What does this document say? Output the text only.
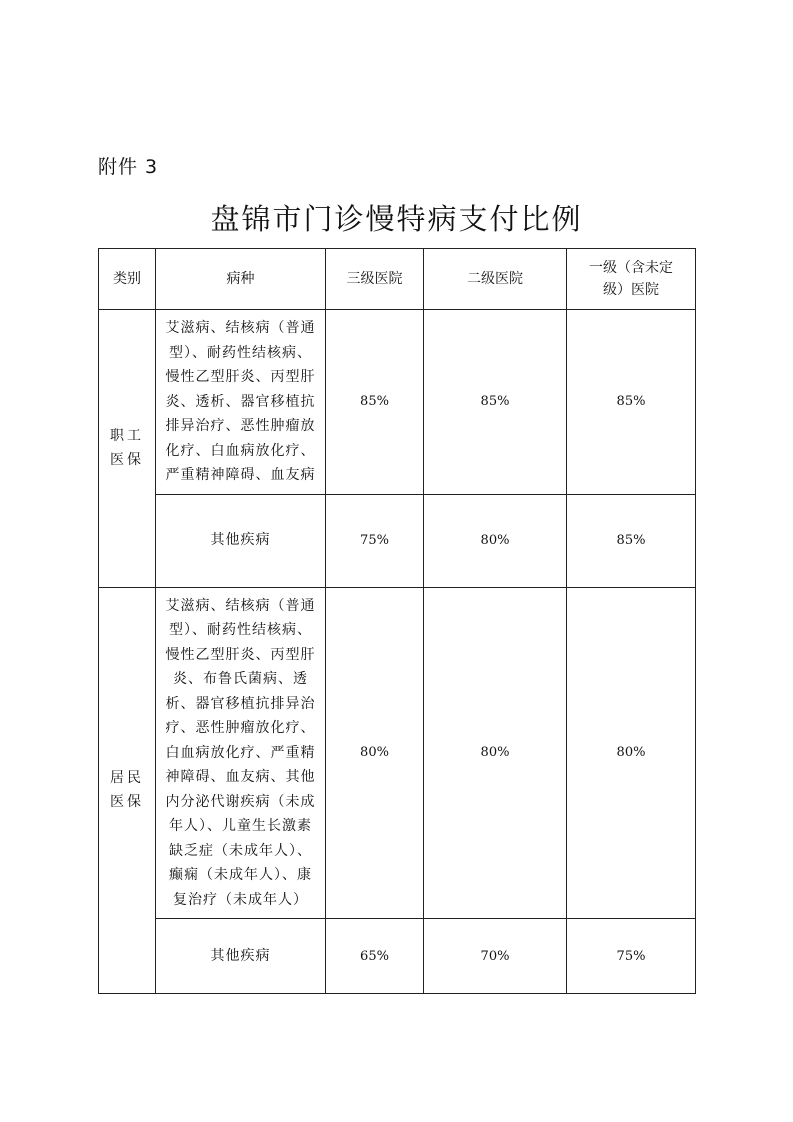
附件 3
盘锦市门诊慢特病支付比例
类别	病种	三级医院	二级医院	一级（含未定级）医院

职工
医保	艾滋病、结核病（普通型）、耐药性结核病、慢性乙型肝炎、丙型肝炎、透析、器官移植抗排异治疗、恶性肿瘤放化疗、白血病放化疗、严重精神障碍、血友病	85%	85%	85%
	其他疾病	75%	80%	85%

居民
医保	艾滋病、结核病（普通型）、耐药性结核病、慢性乙型肝炎、丙型肝炎、布鲁氏菌病、透析、器官移植抗排异治疗、恶性肿瘤放化疗、白血病放化疗、严重精神障碍、血友病、其他内分泌代谢疾病（未成年人）、儿童生长激素缺乏症（未成年人）、癫痫（未成年人）、康复治疗（未成年人）	80%	80%	80%
	其他疾病	65%	70%	75%
